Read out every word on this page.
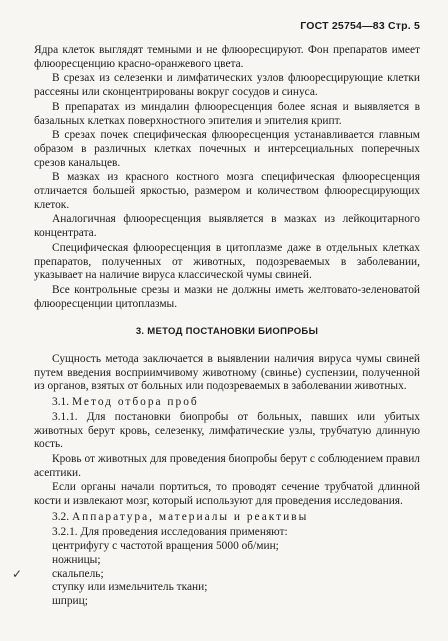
ГОСТ 25754—83 Стр. 5

Ядра клеток выглядят темными и не флюоресцируют. Фон препаратов имеет флюоресценцию красно-оранжевого цвета.

В срезах из селезенки и лимфатических узлов флюоресцирующие клетки рассеяны или сконцентрированы вокруг сосудов и синуса.

В препаратах из миндалин флюоресценция более ясная и выявляется в базальных клетках поверхностного эпителия и эпителия крипт.

В срезах почек специфическая флюоресценция устанавливается главным образом в различных клетках почечных и интерсециальных поперечных срезов канальцев.

В мазках из красного костного мозга специфическая флюоресценция отличается большей яркостью, размером и количеством флюоресцирующих клеток.

Аналогичная флюоресценция выявляется в мазках из лейкоцитарного концентрата.

Специфическая флюоресценция в цитоплазме даже в отдельных клетках препаратов, полученных от животных, подозреваемых в заболевании, указывает на наличие вируса классической чумы свиней.

Все контрольные срезы и мазки не должны иметь желтовато-зеленоватой флюоресценции цитоплазмы.

3. МЕТОД ПОСТАНОВКИ БИОПРОБЫ

Сущность метода заключается в выявлении наличия вируса чумы свиней путем введения восприимчивому животному (свинье) суспензии, полученной из органов, взятых от больных или подозреваемых в заболевании животных.

3.1. Метод отбора проб

3.1.1. Для постановки биопробы от больных, павших или убитых животных берут кровь, селезенку, лимфатические узлы, трубчатую длинную кость.

Кровь от животных для проведения биопробы берут с соблюдением правил асептики.

Если органы начали портиться, то проводят сечение трубчатой длинной кости и извлекают мозг, который используют для проведения исследования.

3.2. Аппаратура, материалы и реактивы

3.2.1. Для проведения исследования применяют:

центрифугу с частотой вращения 5000 об/мин;
ножницы;
скальпель;
ступку или измельчитель ткани;
шприц;
✓
